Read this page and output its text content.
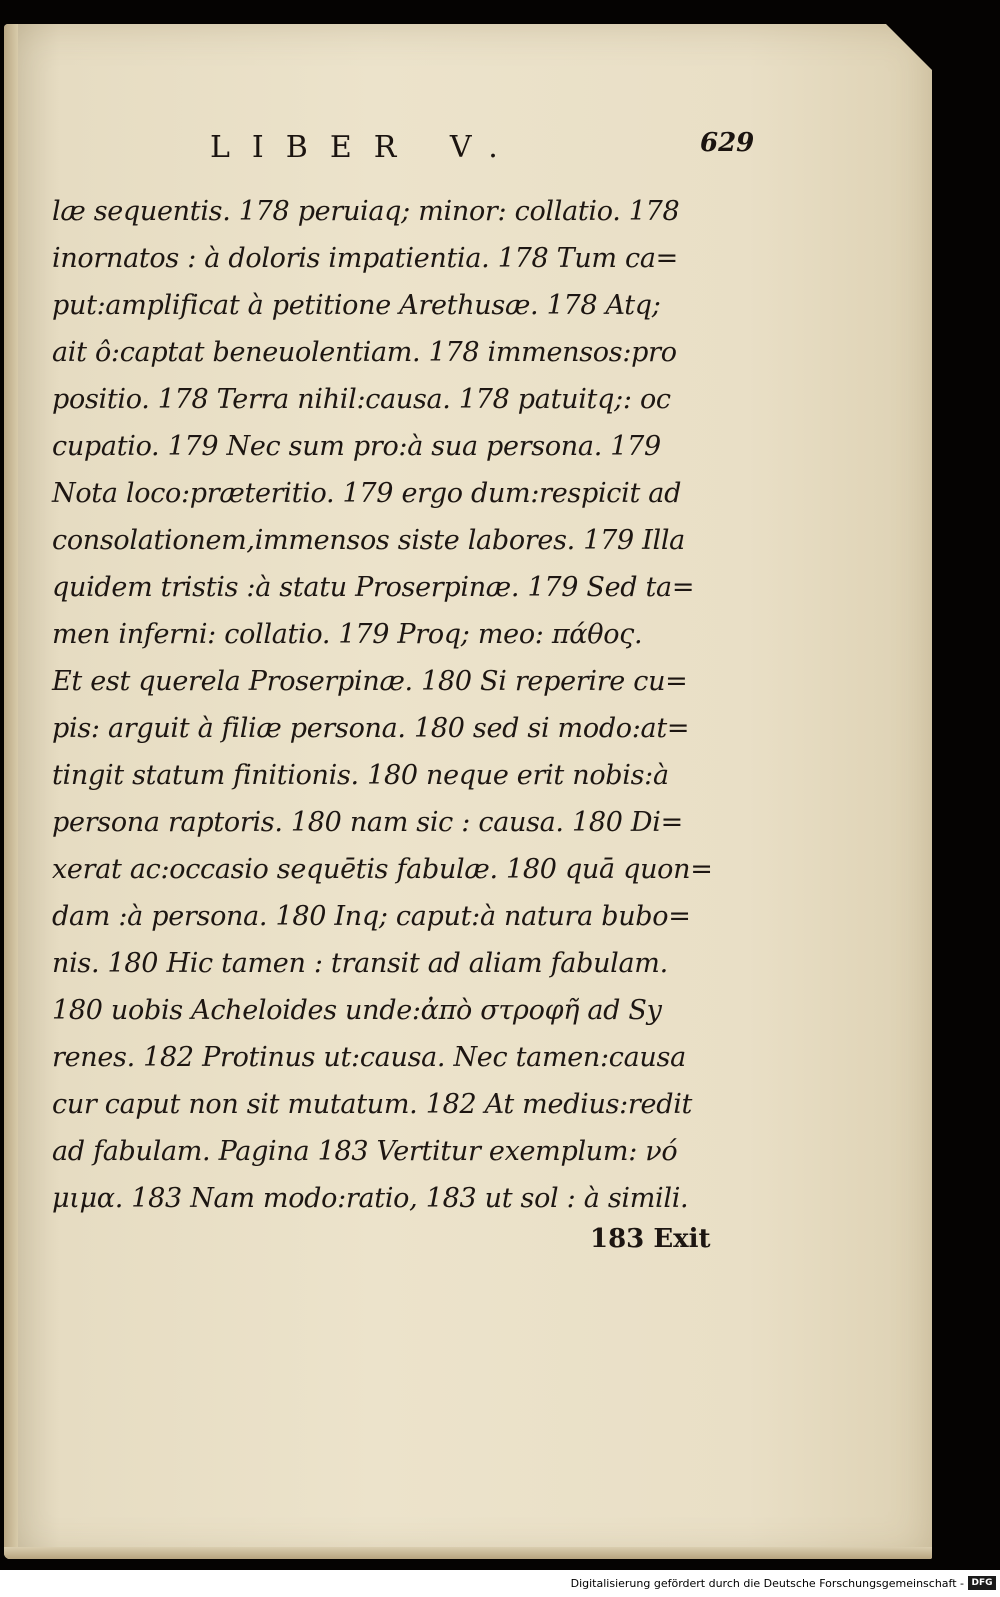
LIBER V.	629
læ sequentis. 178 peruiaq; minor: collatio. 178
inornatos : à doloris impatientia. 178 Tum ca=
put:amplificat à petitione Arethusæ. 178 Atq;
ait ô:captat beneuolentiam. 178 immensos:pro
positio. 178 Terra nihil:causa. 178 patuitq;: oc
cupatio. 179 Nec sum pro:à sua persona. 179
Nota loco:præteritio. 179 ergo dum:respicit ad
consolationem,immensos siste labores. 179 Illa
quidem tristis :à statu Proserpinæ. 179 Sed ta=
men inferni: collatio. 179 Proq; meo: πάθος.
Et est querela Proserpinæ. 180 Si reperire cu=
pis: arguit à filiæ persona. 180 sed si modo:at=
tingit statum finitionis. 180 neque erit nobis:à
persona raptoris. 180 nam sic : causa. 180 Di=
xerat ac:occasio sequētis fabulæ. 180 quā quon=
dam :à persona. 180 Inq; caput:à natura bubo=
nis. 180 Hic tamen : transit ad aliam fabulam.
180 uobis Acheloides unde:ἀπὸ στροφῆ ad Sy
renes. 182 Protinus ut:causa. Nec tamen:causa
cur caput non sit mutatum. 182 At medius:redit
ad fabulam. Pagina 183 Vertitur exemplum: νό
μιμα. 183 Nam modo:ratio, 183 ut sol : à simili.
183 Exit
Digitalisierung gefördert durch die Deutsche Forschungsgemeinschaft - DFG
